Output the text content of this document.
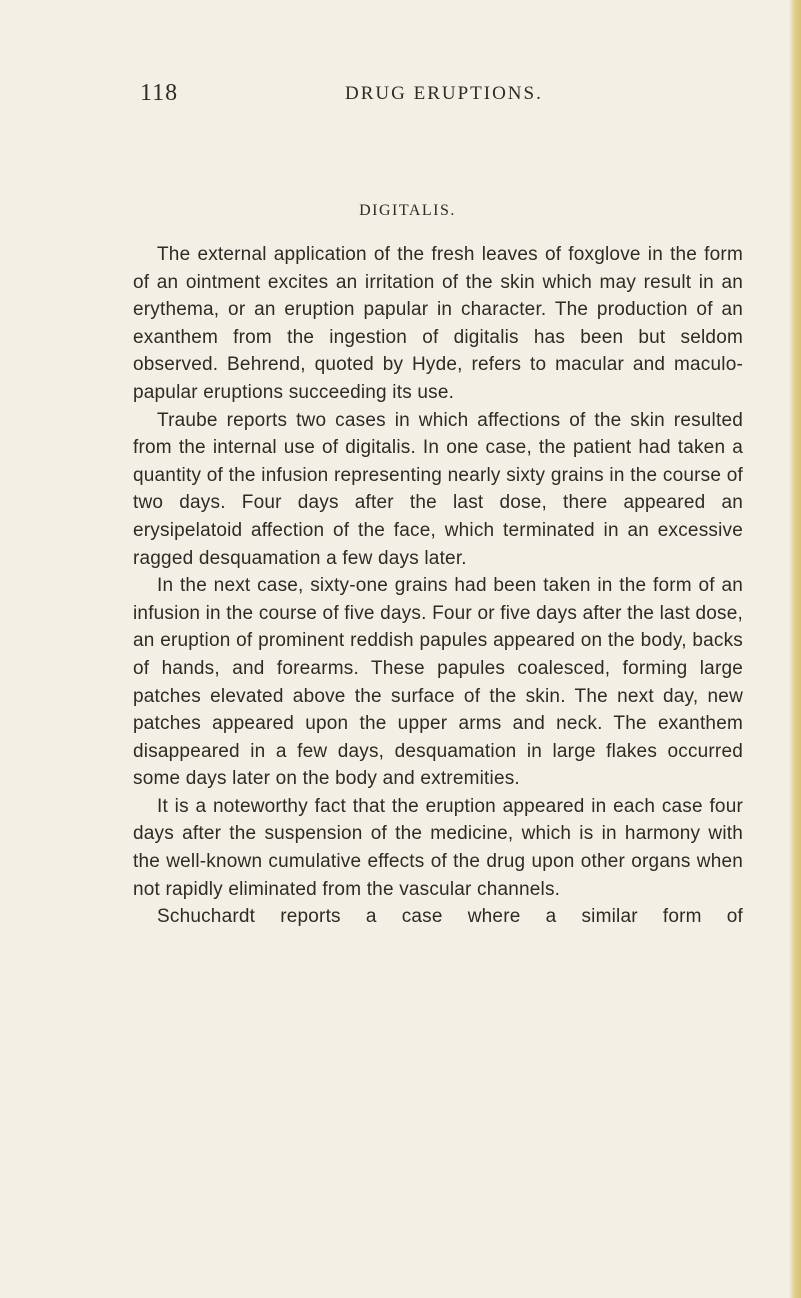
118	DRUG ERUPTIONS.
DIGITALIS.

The external application of the fresh leaves of foxglove in the form of an ointment excites an irritation of the skin which may result in an erythema, or an eruption papular in character. The production of an exanthem from the ingestion of digitalis has been but seldom observed. Behrend, quoted by Hyde, refers to macular and maculo-papular eruptions succeeding its use.

Traube reports two cases in which affections of the skin resulted from the internal use of digitalis. In one case, the patient had taken a quantity of the infusion representing nearly sixty grains in the course of two days. Four days after the last dose, there appeared an erysipelatoid affection of the face, which terminated in an excessive ragged desquamation a few days later.

In the next case, sixty-one grains had been taken in the form of an infusion in the course of five days. Four or five days after the last dose, an eruption of prominent reddish papules appeared on the body, backs of hands, and forearms. These papules coalesced, forming large patches elevated above the surface of the skin. The next day, new patches appeared upon the upper arms and neck. The exanthem disappeared in a few days, desquamation in large flakes occurred some days later on the body and extremities.

It is a noteworthy fact that the eruption appeared in each case four days after the suspension of the medicine, which is in harmony with the well-known cumulative effects of the drug upon other organs when not rapidly eliminated from the vascular channels.

Schuchardt reports a case where a similar form of
